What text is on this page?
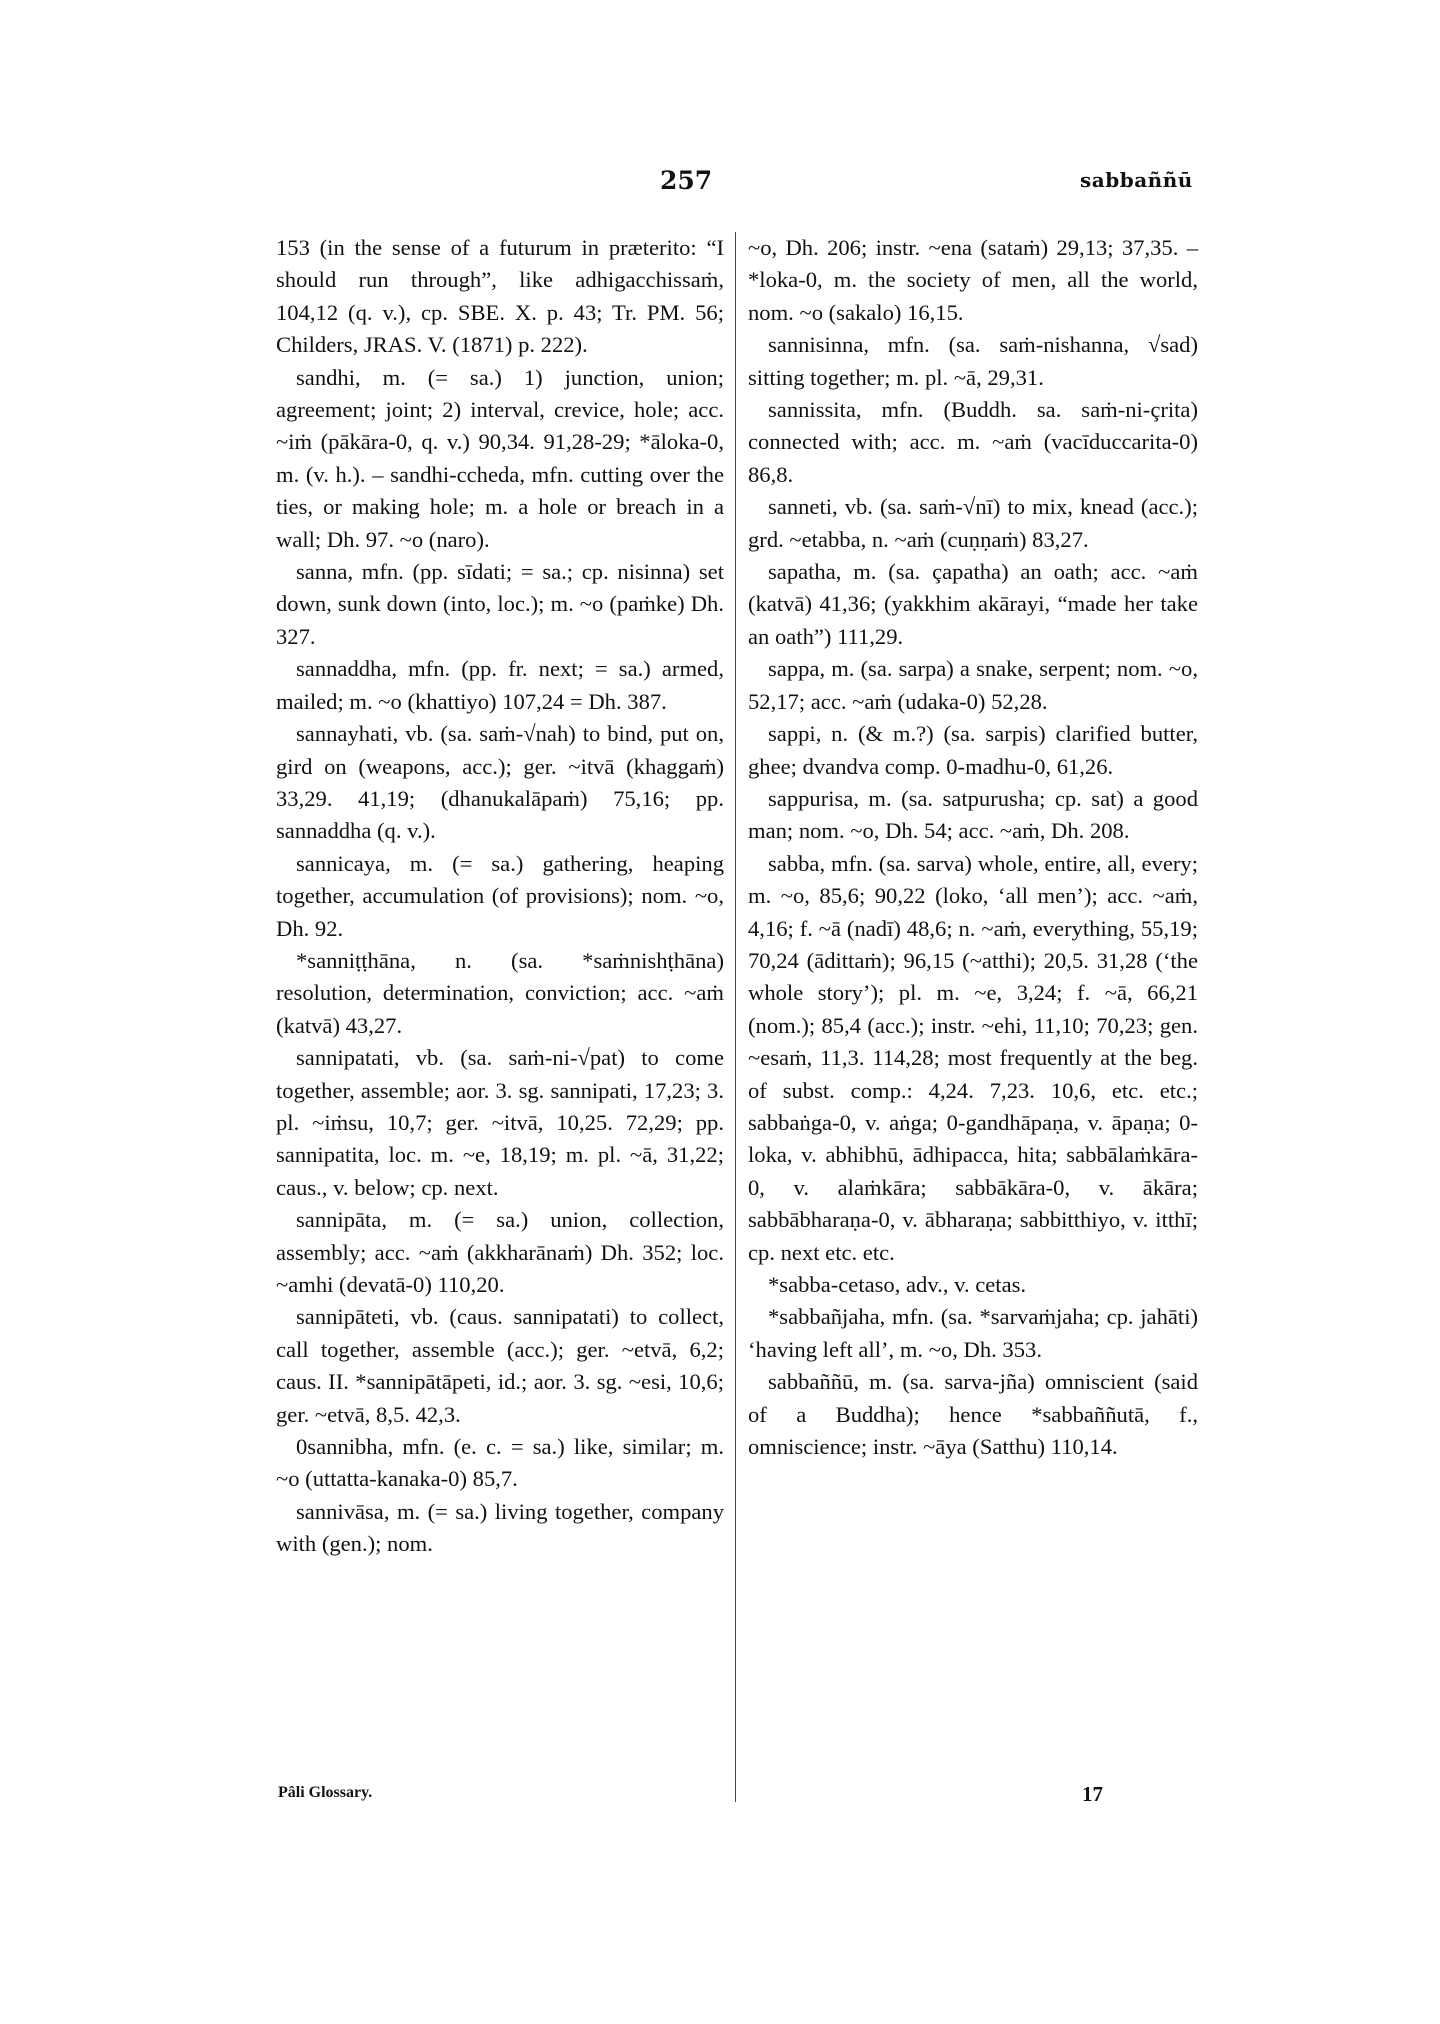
257	sabbaññū

153 (in the sense of a futurum in præterito: “I should run through”, like adhigacchissaṁ, 104,12 (q. v.), cp. SBE. X. p. 43; Tr. PM. 56; Childers, JRAS. V. (1871) p. 222).

sandhi, m. (= sa.) 1) junction, union; agreement; joint; 2) interval, crevice, hole; acc. ~iṁ (pākāra-0, q. v.) 90,34. 91,28-29; *āloka-0, m. (v. h.). – sandhi-ccheda, mfn. cutting over the ties, or making hole; m. a hole or breach in a wall; Dh. 97. ~o (naro).

sanna, mfn. (pp. sīdati; = sa.; cp. nisinna) set down, sunk down (into, loc.); m. ~o (paṁke) Dh. 327.

sannaddha, mfn. (pp. fr. next; = sa.) armed, mailed; m. ~o (khattiyo) 107,24 = Dh. 387.

sannayhati, vb. (sa. saṁ-√nah) to bind, put on, gird on (weapons, acc.); ger. ~itvā (khaggaṁ) 33,29. 41,19; (dhanukalāpaṁ) 75,16; pp. sannaddha (q. v.).

sannicaya, m. (= sa.) gathering, heaping together, accumulation (of provisions); nom. ~o, Dh. 92.

*sanniṭṭhāna, n. (sa. *saṁnishṭhāna) resolution, determination, conviction; acc. ~aṁ (katvā) 43,27.

sannipatati, vb. (sa. saṁ-ni-√pat) to come together, assemble; aor. 3. sg. sannipati, 17,23; 3. pl. ~iṁsu, 10,7; ger. ~itvā, 10,25. 72,29; pp. sannipatita, loc. m. ~e, 18,19; m. pl. ~ā, 31,22; caus., v. below; cp. next.

sannipāta, m. (= sa.) union, collection, assembly; acc. ~aṁ (akkharānaṁ) Dh. 352; loc. ~amhi (devatā-0) 110,20.

sannipāteti, vb. (caus. sannipatati) to collect, call together, assemble (acc.); ger. ~etvā, 6,2; caus. II. *sannipātāpeti, id.; aor. 3. sg. ~esi, 10,6; ger. ~etvā, 8,5. 42,3.

0sannibha, mfn. (e. c. = sa.) like, similar; m. ~o (uttatta-kanaka-0) 85,7.

sannivāsa, m. (= sa.) living together, company with (gen.); nom.

~o, Dh. 206; instr. ~ena (sataṁ) 29,13; 37,35. – *loka-0, m. the society of men, all the world, nom. ~o (sakalo) 16,15.

sannisinna, mfn. (sa. saṁ-nishanna, √sad) sitting together; m. pl. ~ā, 29,31.

sannissita, mfn. (Buddh. sa. saṁ-ni-çrita) connected with; acc. m. ~aṁ (vacīduccarita-0) 86,8.

sanneti, vb. (sa. saṁ-√nī) to mix, knead (acc.); grd. ~etabba, n. ~aṁ (cuṇṇaṁ) 83,27.

sapatha, m. (sa. çapatha) an oath; acc. ~aṁ (katvā) 41,36; (yakkhim akārayi, “made her take an oath”) 111,29.

sappa, m. (sa. sarpa) a snake, serpent; nom. ~o, 52,17; acc. ~aṁ (udaka-0) 52,28.

sappi, n. (& m.?) (sa. sarpis) clarified butter, ghee; dvandva comp. 0-madhu-0, 61,26.

sappurisa, m. (sa. satpurusha; cp. sat) a good man; nom. ~o, Dh. 54; acc. ~aṁ, Dh. 208.

sabba, mfn. (sa. sarva) whole, entire, all, every; m. ~o, 85,6; 90,22 (loko, ‘all men’); acc. ~aṁ, 4,16; f. ~ā (nadī) 48,6; n. ~aṁ, everything, 55,19; 70,24 (ādittaṁ); 96,15 (~atthi); 20,5. 31,28 (‘the whole story’); pl. m. ~e, 3,24; f. ~ā, 66,21 (nom.); 85,4 (acc.); instr. ~ehi, 11,10; 70,23; gen. ~esaṁ, 11,3. 114,28; most frequently at the beg. of subst. comp.: 4,24. 7,23. 10,6, etc. etc.; sabbaṅga-0, v. aṅga; 0-gandhāpaṇa, v. āpaṇa; 0-loka, v. abhibhū, ādhipacca, hita; sabbālaṁkāra-0, v. alaṁkāra; sabbākāra-0, v. ākāra; sabbābharaṇa-0, v. ābharaṇa; sabbitthiyo, v. itthī; cp. next etc. etc.

*sabba-cetaso, adv., v. cetas.

*sabbañjaha, mfn. (sa. *sarvaṁjaha; cp. jahāti) ‘having left all’, m. ~o, Dh. 353.

sabbaññū, m. (sa. sarva-jña) omniscient (said of a Buddha); hence *sabbaññutā, f., omniscience; instr. ~āya (Satthu) 110,14.

Pâli Glossary.	17
